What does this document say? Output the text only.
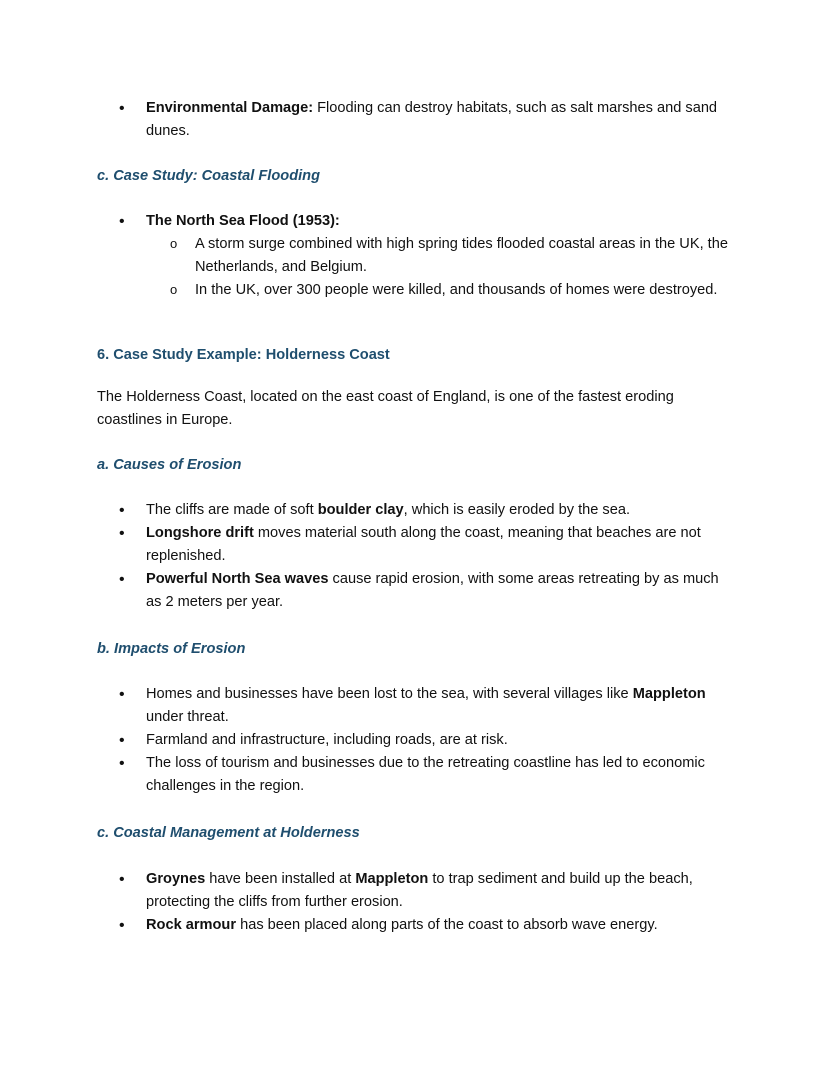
• Environmental Damage: Flooding can destroy habitats, such as salt marshes and sand dunes.
c. Case Study: Coastal Flooding
• The North Sea Flood (1953):
o A storm surge combined with high spring tides flooded coastal areas in the UK, the Netherlands, and Belgium.
o In the UK, over 300 people were killed, and thousands of homes were destroyed.
6. Case Study Example: Holderness Coast

The Holderness Coast, located on the east coast of England, is one of the fastest eroding coastlines in Europe.

a. Causes of Erosion
• The cliffs are made of soft boulder clay, which is easily eroded by the sea.
• Longshore drift moves material south along the coast, meaning that beaches are not replenished.
• Powerful North Sea waves cause rapid erosion, with some areas retreating by as much as 2 meters per year.
b. Impacts of Erosion
• Homes and businesses have been lost to the sea, with several villages like Mappleton under threat.
• Farmland and infrastructure, including roads, are at risk.
• The loss of tourism and businesses due to the retreating coastline has led to economic challenges in the region.
c. Coastal Management at Holderness
• Groynes have been installed at Mappleton to trap sediment and build up the beach, protecting the cliffs from further erosion.
• Rock armour has been placed along parts of the coast to absorb wave energy.
